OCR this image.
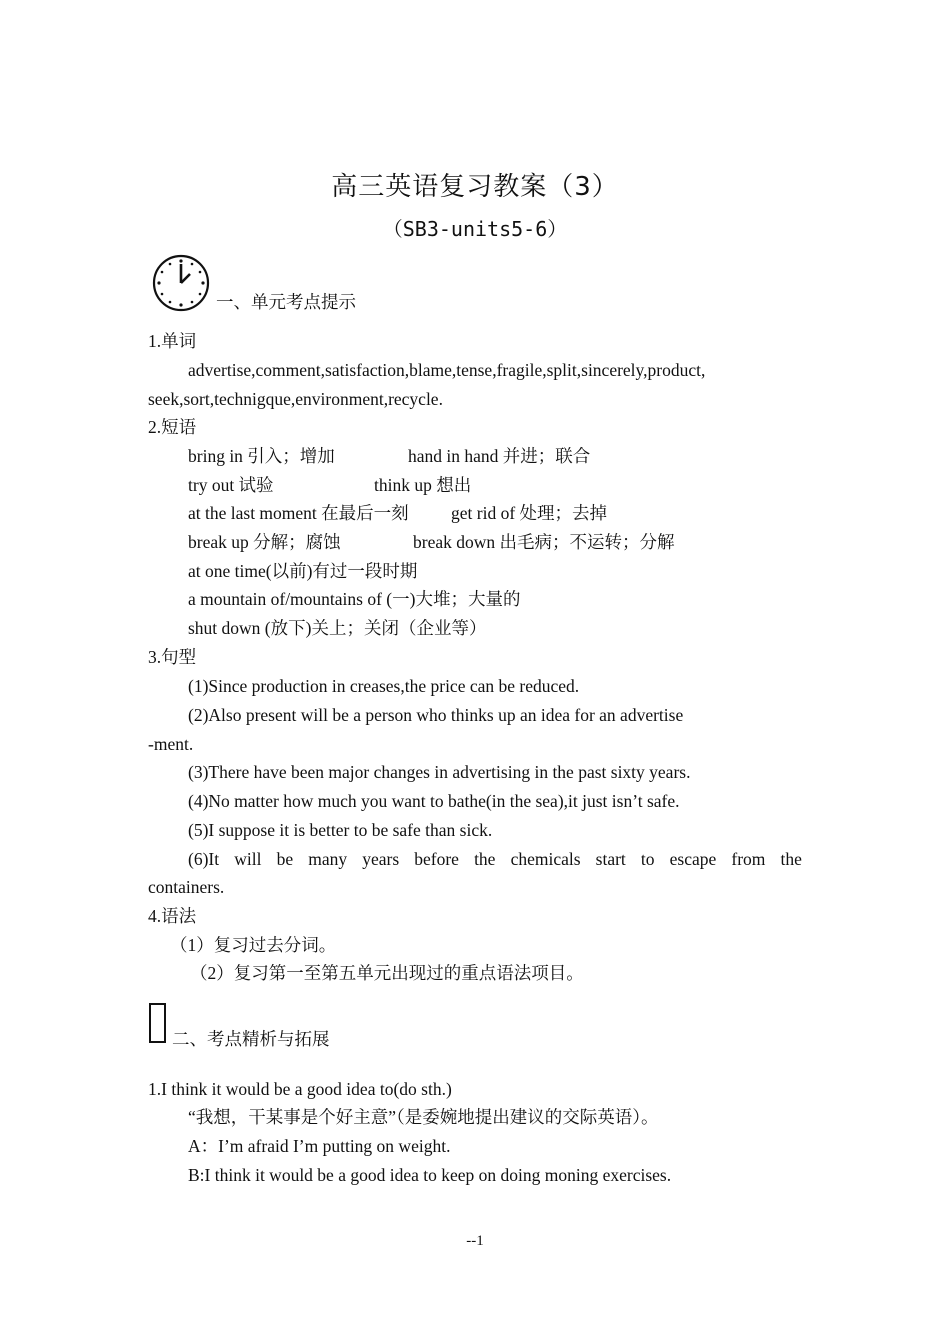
高三英语复习教案（3）
（SB3-units5-6）
一、单元考点提示
1.单词
advertise,comment,satisfaction,blame,tense,fragile,split,sincerely,product,
seek,sort,technigque,environment,recycle.
2.短语
bring in 引入；增加	hand in hand 并进；联合
try out 试验	think up 想出
at the last moment 在最后一刻 get rid of 处理；去掉
break up 分解；腐蚀	break down 出毛病；不运转；分解
at one time(以前)有过一段时期
a mountain of/mountains of (一)大堆；大量的
shut down (放下)关上；关闭（企业等）
3.句型
(1)Since production in creases,the price can be reduced.
(2)Also present will be a person who thinks up an idea for an advertise
-ment.
(3)There have been major changes in advertising in the past sixty years.
(4)No matter how much you want to bathe(in the sea),it just isn’t safe.
(5)I suppose it is better to be safe than sick.
(6)It will be many years before the chemicals start to escape from the
containers.
4.语法
（1）复习过去分词。
（2）复习第一至第五单元出现过的重点语法项目。
二、考点精析与拓展
1.I think it would be a good idea to(do sth.)
“我想，干某事是个好主意”（是委婉地提出建议的交际英语）。
A：I’m afraid I’m putting on weight.
B:I think it would be a good idea to keep on doing moning exercises.
--1
